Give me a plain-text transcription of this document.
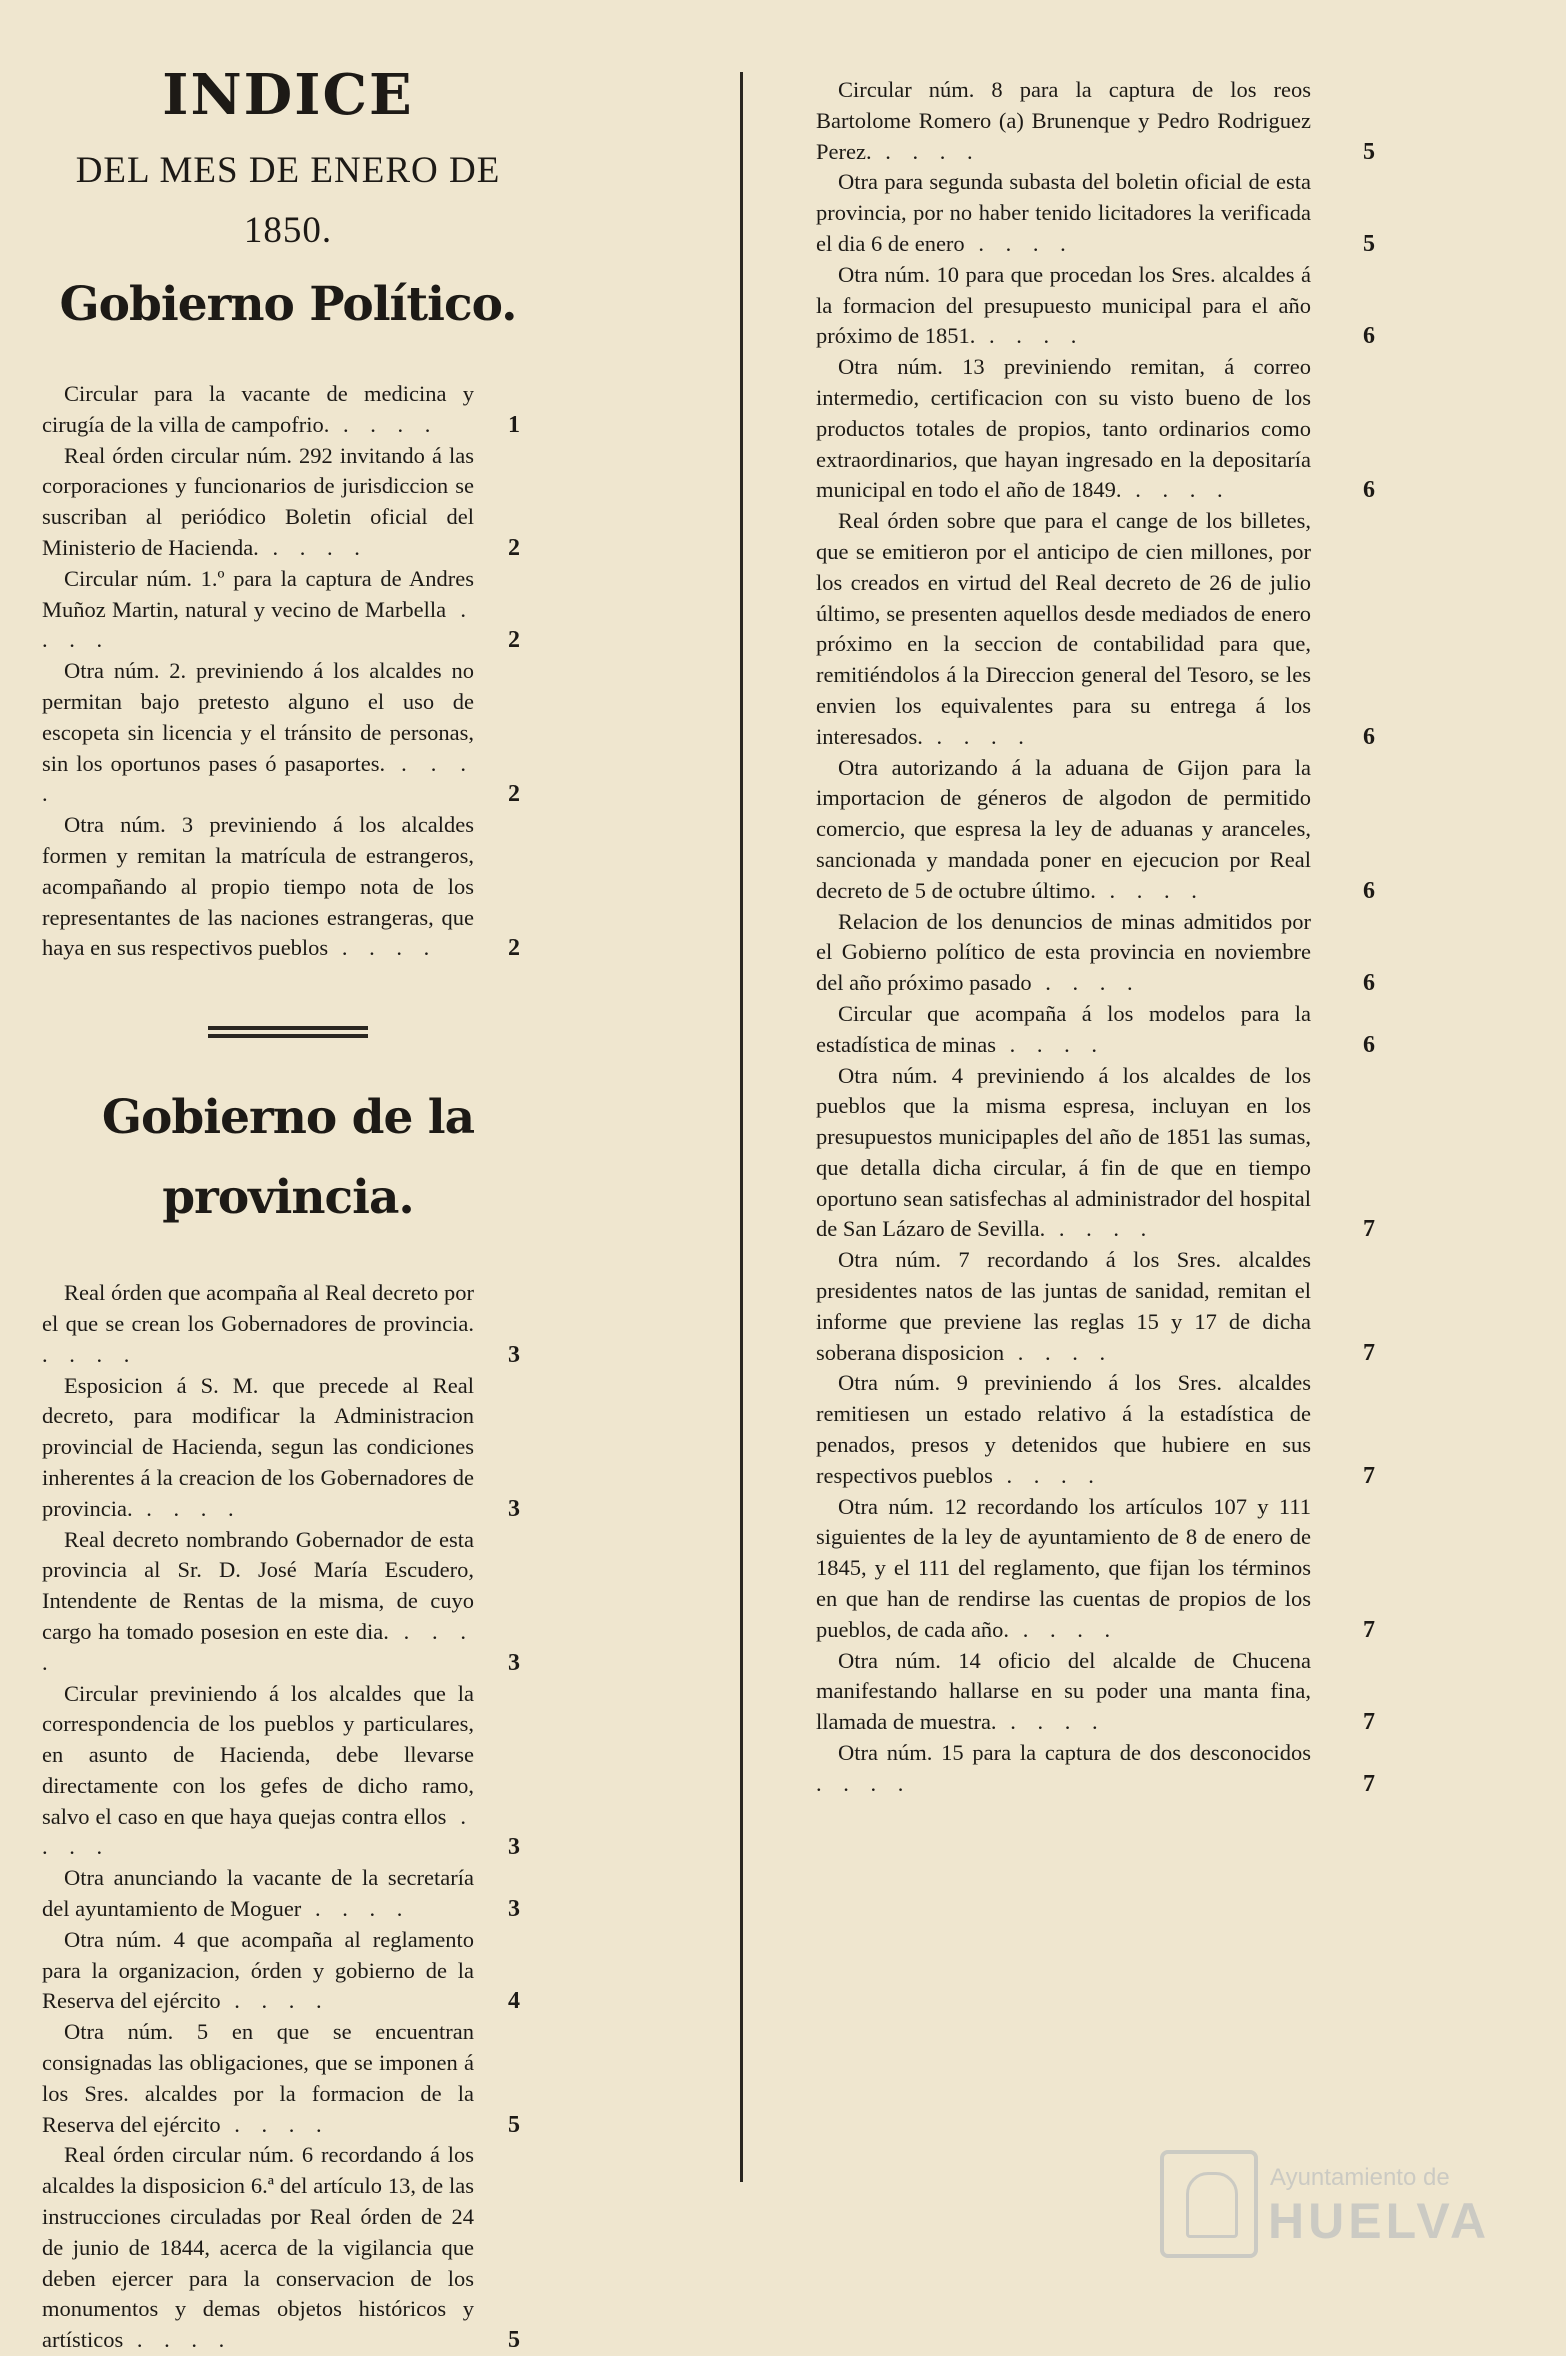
INDICE
DEL MES DE ENERO DE 1850.
Gobierno Político.
Circular para la vacante de medicina y cirugía de la villa de campofrio. . . . .	1
Real órden circular núm. 292 invitando á las corporaciones y funcionarios de jurisdiccion se suscriban al periódico Boletin oficial del Ministerio de Hacienda. . . . .	2
Circular núm. 1.º para la captura de Andres Muñoz Martin, natural y vecino de Marbella . . . .	2
Otra núm. 2. previniendo á los alcaldes no permitan bajo pretesto alguno el uso de escopeta sin licencia y el tránsito de personas, sin los oportunos pases ó pasaportes. . . . .	2
Otra núm. 3 previniendo á los alcaldes formen y remitan la matrícula de estrangeros, acompañando al propio tiempo nota de los representantes de las naciones estrangeras, que haya en sus respectivos pueblos . . . .	2
Gobierno de la provincia.
Real órden que acompaña al Real decreto por el que se crean los Gobernadores de provincia. . . . .	3
Esposicion á S. M. que precede al Real decreto, para modificar la Administracion provincial de Hacienda, segun las condiciones inherentes á la creacion de los Gobernadores de provincia. . . . .	3
Real decreto nombrando Gobernador de esta provincia al Sr. D. José María Escudero, Intendente de Rentas de la misma, de cuyo cargo ha tomado posesion en este dia. . . . .	3
Circular previniendo á los alcaldes que la correspondencia de los pueblos y particulares, en asunto de Hacienda, debe llevarse directamente con los gefes de dicho ramo, salvo el caso en que haya quejas contra ellos . . . .	3
Otra anunciando la vacante de la secretaría del ayuntamiento de Moguer . . . .	3
Otra núm. 4 que acompaña al reglamento para la organizacion, órden y gobierno de la Reserva del ejército . . . .	4
Otra núm. 5 en que se encuentran consignadas las obligaciones, que se imponen á los Sres. alcaldes por la formacion de la Reserva del ejército . . . .	5
Real órden circular núm. 6 recordando á los alcaldes la disposicion 6.ª del artículo 13, de las instrucciones circuladas por Real órden de 24 de junio de 1844, acerca de la vigilancia que deben ejercer para la conservacion de los monumentos y demas objetos históricos y artísticos . . . .	5
Circular núm. 8 para la captura de los reos Bartolome Romero (a) Brunenque y Pedro Rodriguez Perez. . . . .	5
Otra para segunda subasta del boletin oficial de esta provincia, por no haber tenido licitadores la verificada el dia 6 de enero . . . .	5
Otra núm. 10 para que procedan los Sres. alcaldes á la formacion del presupuesto municipal para el año próximo de 1851. . . . .	6
Otra núm. 13 previniendo remitan, á correo intermedio, certificacion con su visto bueno de los productos totales de propios, tanto ordinarios como extraordinarios, que hayan ingresado en la depositaría municipal en todo el año de 1849. . . . .	6
Real órden sobre que para el cange de los billetes, que se emitieron por el anticipo de cien millones, por los creados en virtud del Real decreto de 26 de julio último, se presenten aquellos desde mediados de enero próximo en la seccion de contabilidad para que, remitiéndolos á la Direccion general del Tesoro, se les envien los equivalentes para su entrega á los interesados. . . . .	6
Otra autorizando á la aduana de Gijon para la importacion de géneros de algodon de permitido comercio, que espresa la ley de aduanas y aranceles, sancionada y mandada poner en ejecucion por Real decreto de 5 de octubre último. . . . .	6
Relacion de los denuncios de minas admitidos por el Gobierno político de esta provincia en noviembre del año próximo pasado . . . .	6
Circular que acompaña á los modelos para la estadística de minas . . . .	6
Otra núm. 4 previniendo á los alcaldes de los pueblos que la misma espresa, incluyan en los presupuestos municipaples del año de 1851 las sumas, que detalla dicha circular, á fin de que en tiempo oportuno sean satisfechas al administrador del hospital de San Lázaro de Sevilla. . . . .	7
Otra núm. 7 recordando á los Sres. alcaldes presidentes natos de las juntas de sanidad, remitan el informe que previene las reglas 15 y 17 de dicha soberana disposicion . . . .	7
Otra núm. 9 previniendo á los Sres. alcaldes remitiesen un estado relativo á la estadística de penados, presos y detenidos que hubiere en sus respectivos pueblos . . . .	7
Otra núm. 12 recordando los artículos 107 y 111 siguientes de la ley de ayuntamiento de 8 de enero de 1845, y el 111 del reglamento, que fijan los términos en que han de rendirse las cuentas de propios de los pueblos, de cada año. . . . .	7
Otra núm. 14 oficio del alcalde de Chucena manifestando hallarse en su poder una manta fina, llamada de muestra. . . . .	7
Otra núm. 15 para la captura de dos desconocidos . . . .	7
Ayuntamiento de
HUELVA
